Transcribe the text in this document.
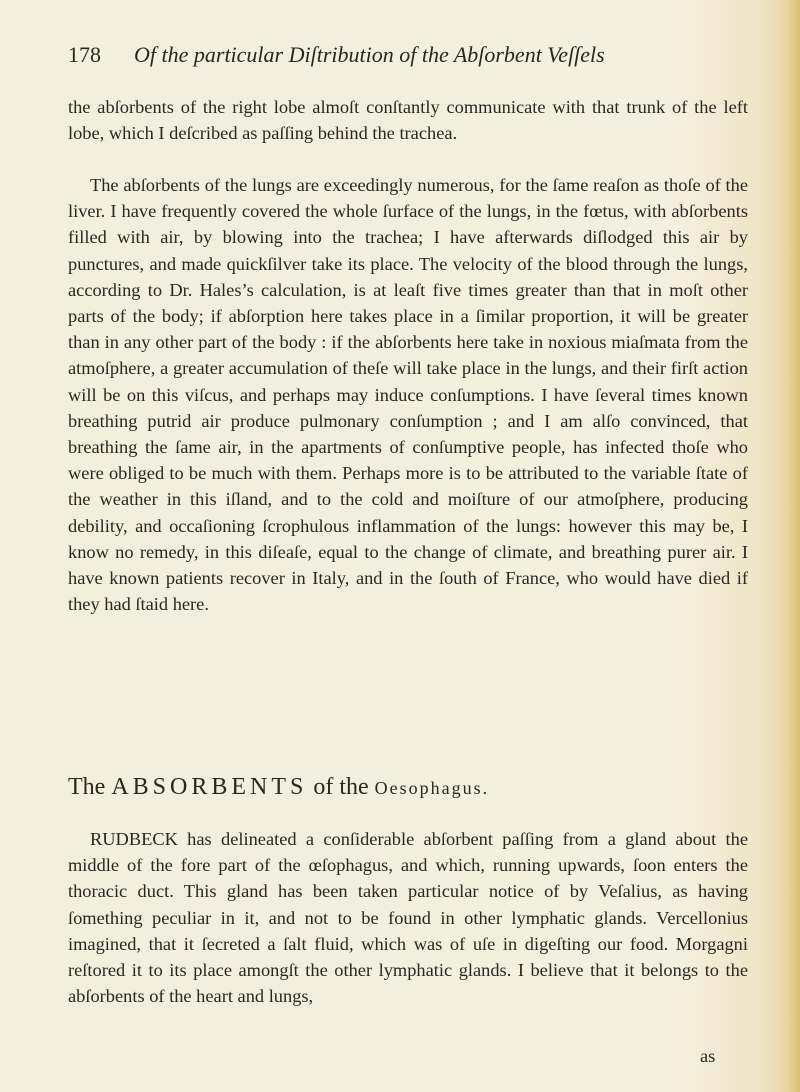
178 Of the particular Diſtribution of the Abſorbent Veſſels

the abſorbents of the right lobe almoſt conſtantly communicate with that trunk of the left lobe, which I deſcribed as paſſing behind the trachea.

The abſorbents of the lungs are exceedingly numerous, for the ſame reaſon as thoſe of the liver. I have frequently covered the whole ſurface of the lungs, in the fœtus, with abſorbents filled with air, by blowing into the trachea; I have afterwards diſlodged this air by punctures, and made quickſilver take its place. The velocity of the blood through the lungs, according to Dr. Hales’s calculation, is at leaſt five times greater than that in moſt other parts of the body; if abſorption here takes place in a ſimilar proportion, it will be greater than in any other part of the body : if the abſorbents here take in noxious miaſmata from the atmoſphere, a greater accumulation of theſe will take place in the lungs, and their firſt action will be on this viſcus, and perhaps may induce conſumptions. I have ſeveral times known breathing putrid air produce pulmonary conſumption ; and I am alſo convinced, that breathing the ſame air, in the apartments of conſumptive people, has infected thoſe who were obliged to be much with them. Perhaps more is to be attributed to the variable ſtate of the weather in this iſland, and to the cold and moiſture of our atmoſphere, producing debility, and occaſioning ſcrophulous inflammation of the lungs: however this may be, I know no remedy, in this diſeaſe, equal to the change of climate, and breathing purer air. I have known patients recover in Italy, and in the ſouth of France, who would have died if they had ſtaid here.

The ABSORBENTS of the Oesophagus.

RUDBECK has delineated a conſiderable abſorbent paſſing from a gland about the middle of the fore part of the œſophagus, and which, running upwards, ſoon enters the thoracic duct. This gland has been taken particular notice of by Veſalius, as having ſomething peculiar in it, and not to be found in other lymphatic glands. Vercellonius imagined, that it ſecreted a ſalt fluid, which was of uſe in digeſting our food. Morgagni reſtored it to its place amongſt the other lymphatic glands. I believe that it belongs to the abſorbents of the heart and lungs,

as
